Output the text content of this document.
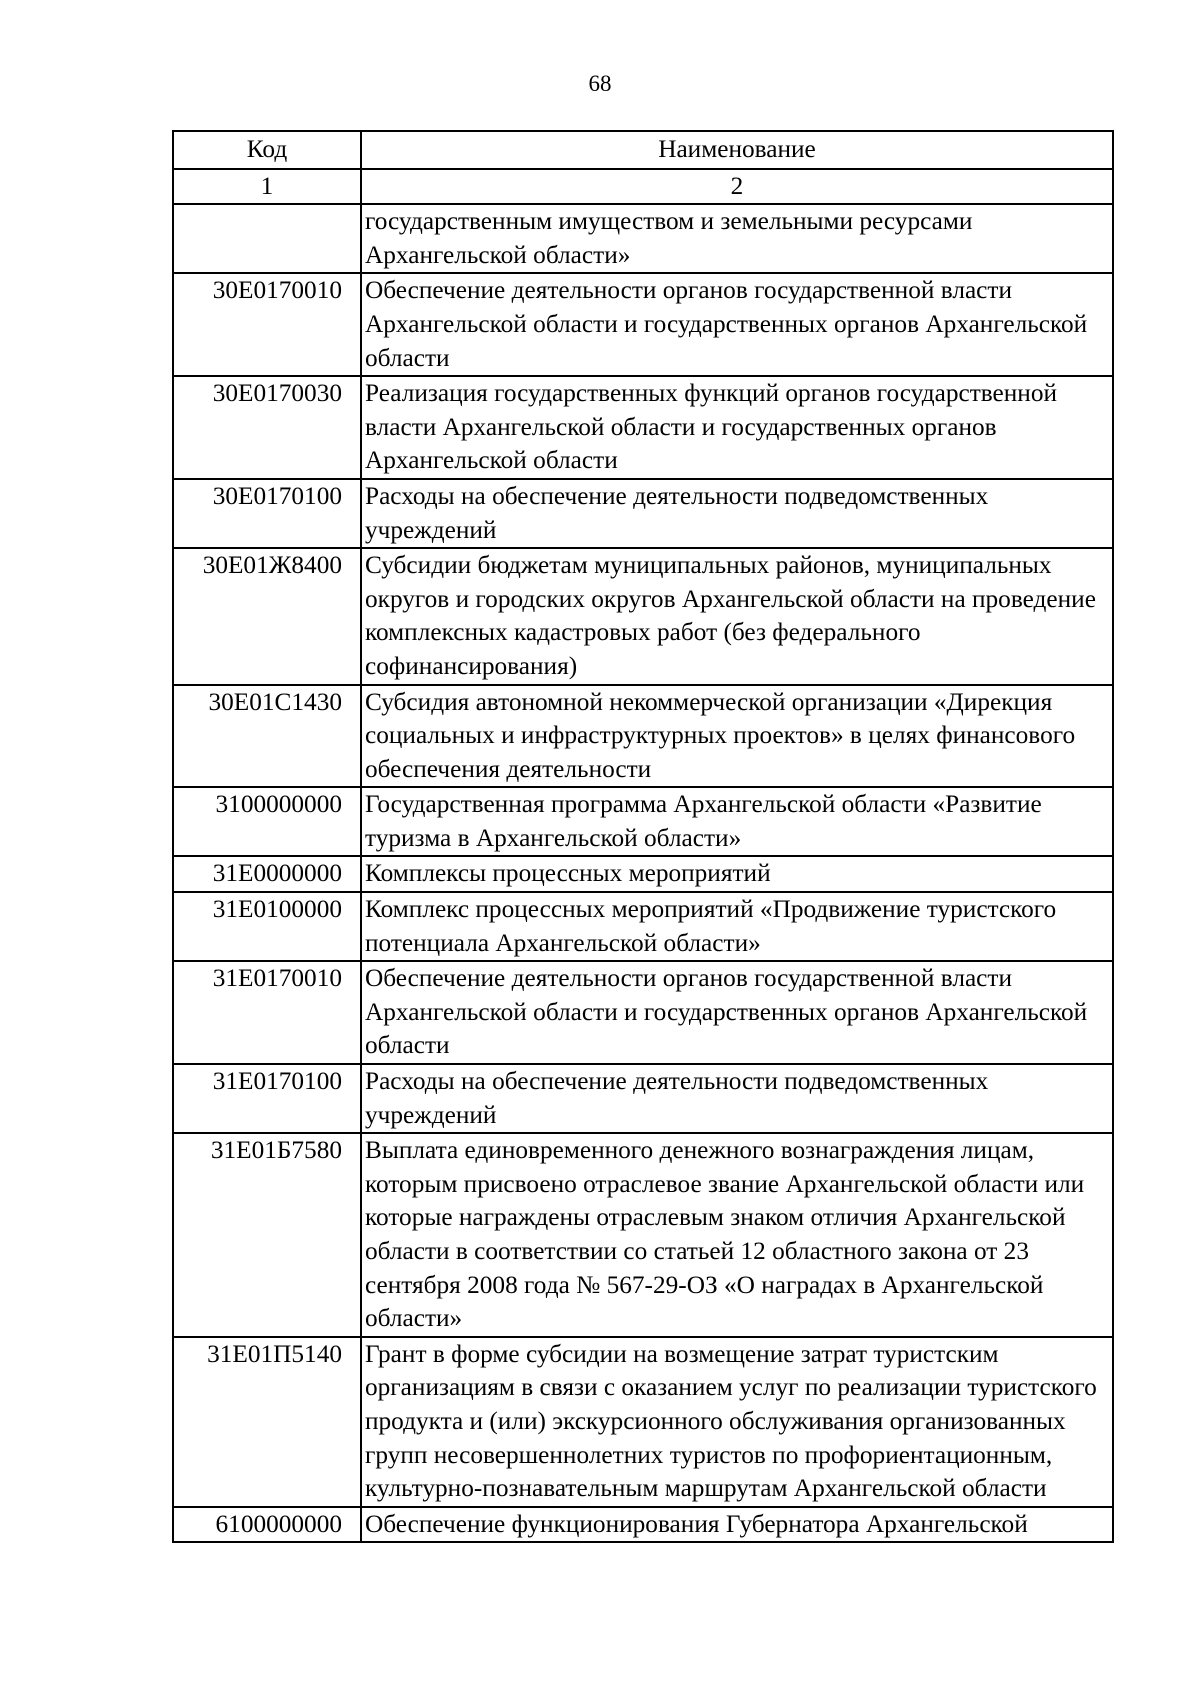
68
Код	Наименование
1	2
	государственным имуществом и земельными ресурсами Архангельской области»
30Е0170010	Обеспечение деятельности органов государственной власти Архангельской области и государственных органов Архангельской области
30Е0170030	Реализация государственных функций органов государственной власти Архангельской области и государственных органов Архангельской области
30Е0170100	Расходы на обеспечение деятельности подведомственных учреждений
30Е01Ж8400	Субсидии бюджетам муниципальных районов, муниципальных округов и городских округов Архангельской области на проведение комплексных кадастровых работ (без федерального софинансирования)
30Е01С1430	Субсидия автономной некоммерческой организации «Дирекция социальных и инфраструктурных проектов» в целях финансового обеспечения деятельности
3100000000	Государственная программа Архангельской области «Развитие туризма в Архангельской области»
31Е0000000	Комплексы процессных мероприятий
31Е0100000	Комплекс процессных мероприятий «Продвижение туристского потенциала Архангельской области»
31Е0170010	Обеспечение деятельности органов государственной власти Архангельской области и государственных органов Архангельской области
31Е0170100	Расходы на обеспечение деятельности подведомственных учреждений
31Е01Б7580	Выплата единовременного денежного вознаграждения лицам, которым присвоено отраслевое звание Архангельской области или которые награждены отраслевым знаком отличия Архангельской области в соответствии со статьей 12 областного закона от 23 сентября 2008 года № 567-29-ОЗ «О наградах в Архангельской области»
31Е01П5140	Грант в форме субсидии на возмещение затрат туристским организациям в связи с оказанием услуг по реализации туристского продукта и (или) экскурсионного обслуживания организованных групп несовершеннолетних туристов по профориентационным, культурно-познавательным маршрутам Архангельской области
6100000000	Обеспечение функционирования Губернатора Архангельской
